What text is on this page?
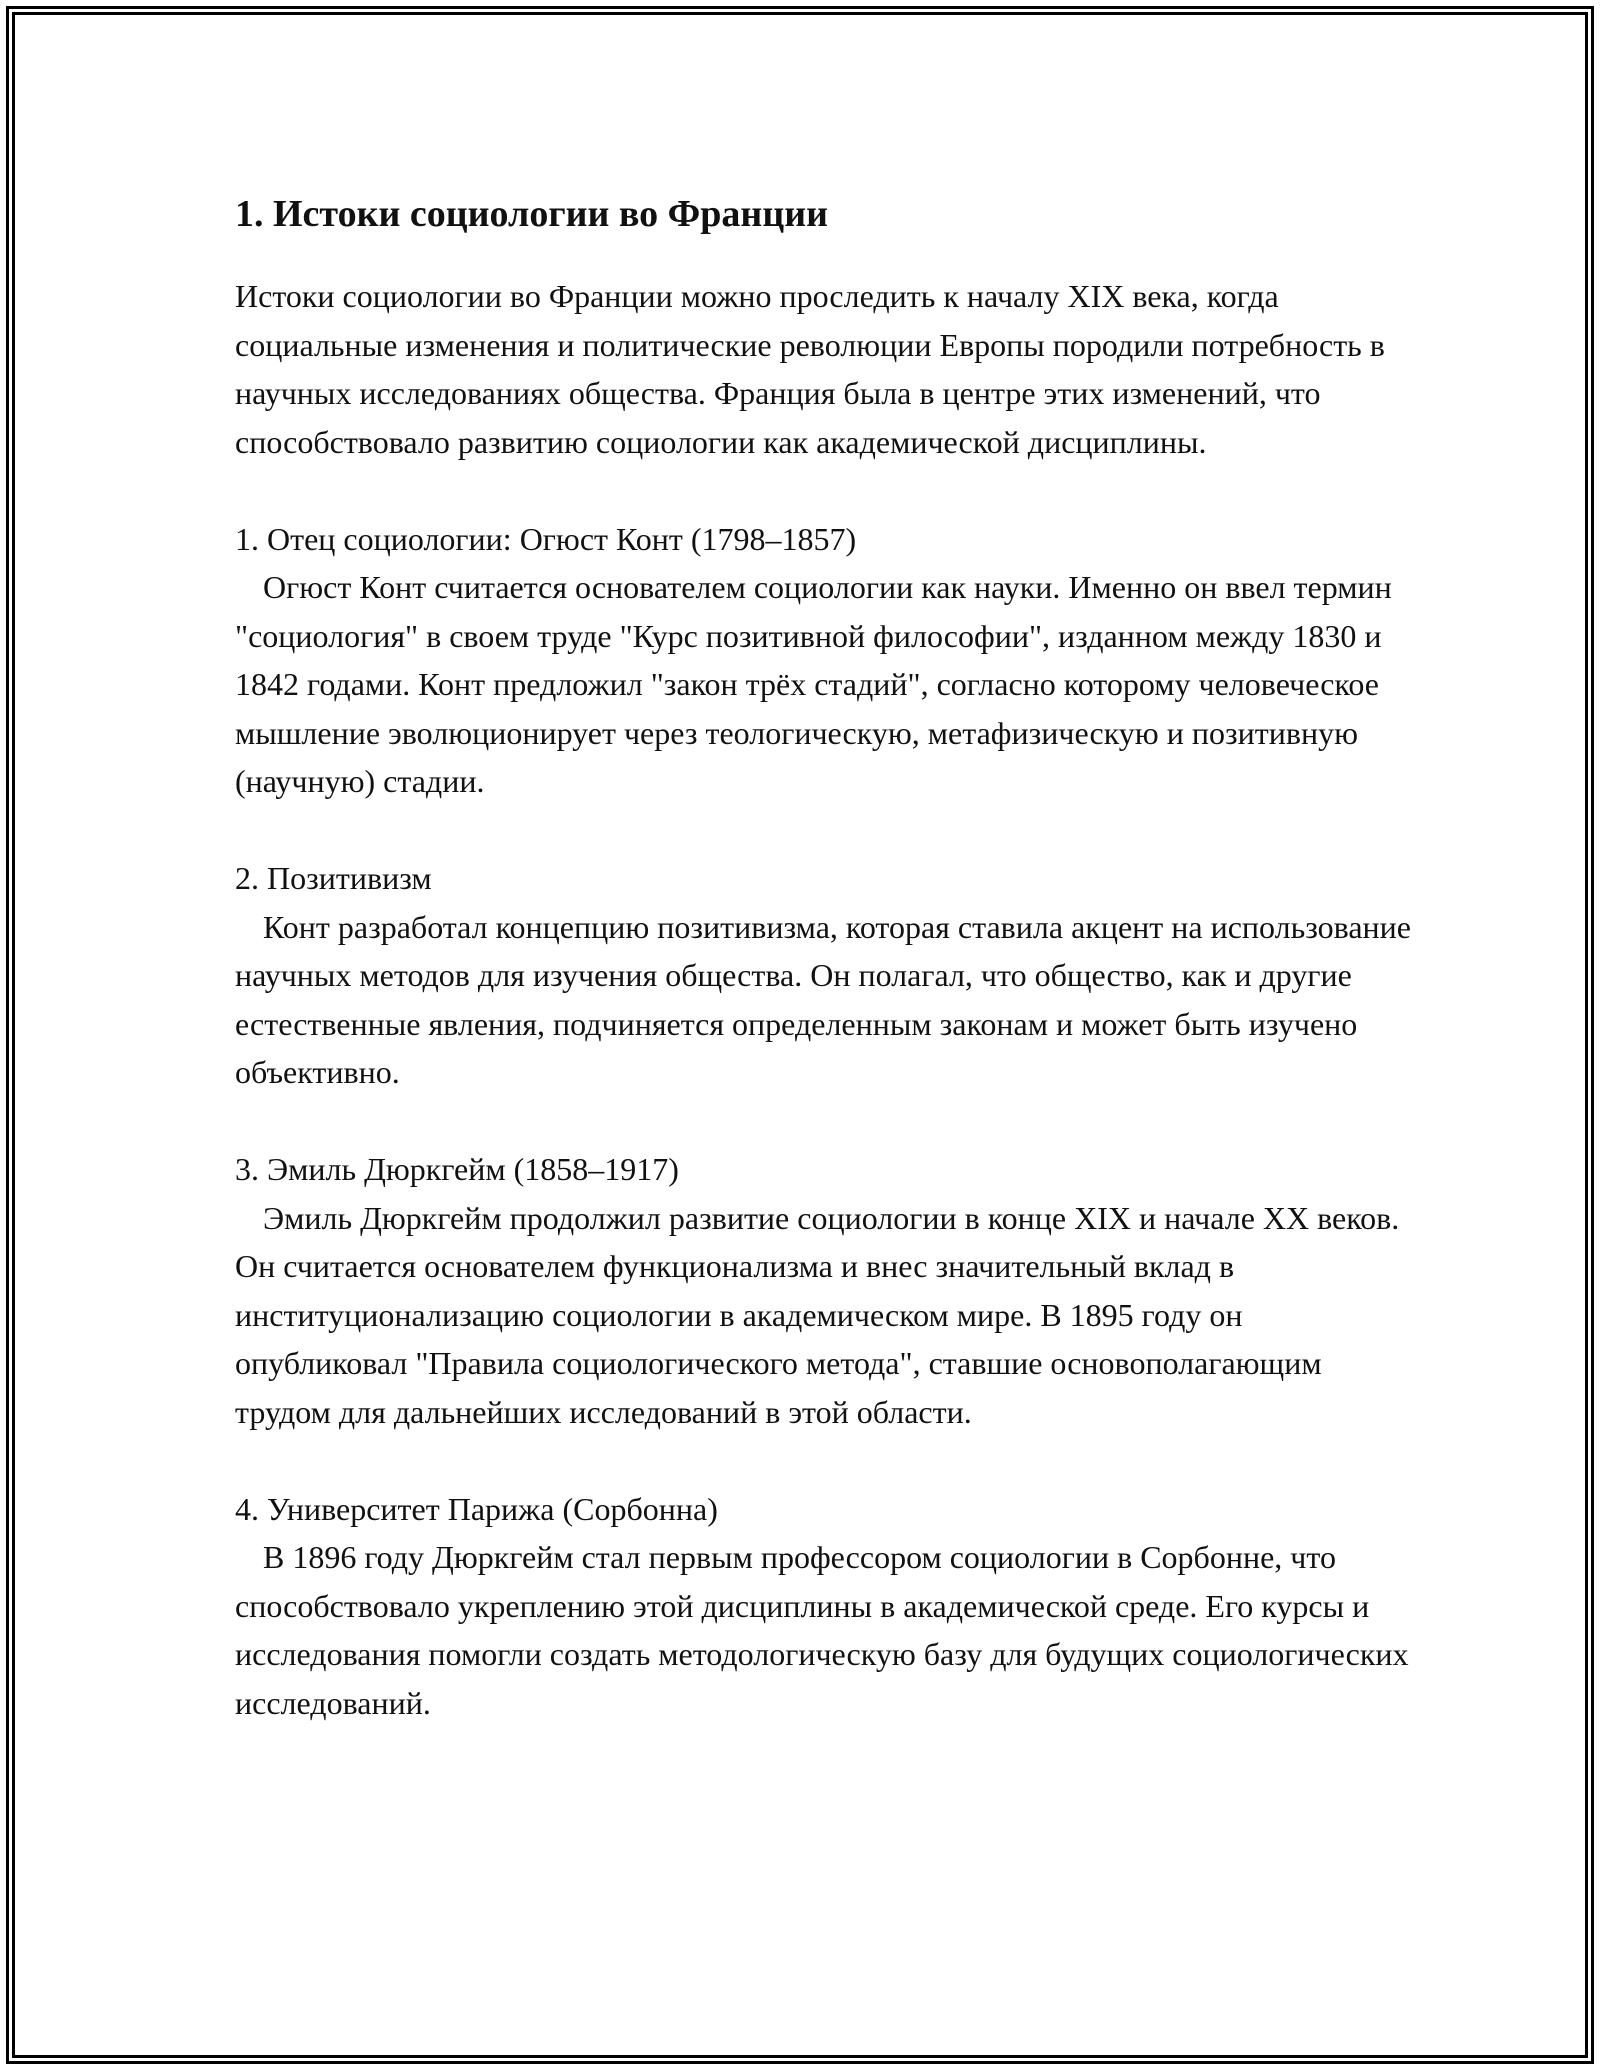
1. Истоки социологии во Франции

Истоки социологии во Франции можно проследить к началу XIX века, когда социальные изменения и политические революции Европы породили потребность в научных исследованиях общества. Франция была в центре этих изменений, что способствовало развитию социологии как академической дисциплины.

1. Отец социологии: Огюст Конт (1798–1857)

Огюст Конт считается основателем социологии как науки. Именно он ввел термин "социология" в своем труде "Курс позитивной философии", изданном между 1830 и 1842 годами. Конт предложил "закон трёх стадий", согласно которому человеческое мышление эволюционирует через теологическую, метафизическую и позитивную (научную) стадии.

2. Позитивизм

Конт разработал концепцию позитивизма, которая ставила акцент на использование научных методов для изучения общества. Он полагал, что общество, как и другие естественные явления, подчиняется определенным законам и может быть изучено объективно.

3. Эмиль Дюркгейм (1858–1917)

Эмиль Дюркгейм продолжил развитие социологии в конце XIX и начале XX веков. Он считается основателем функционализма и внес значительный вклад в институционализацию социологии в академическом мире. В 1895 году он опубликовал "Правила социологического метода", ставшие основополагающим трудом для дальнейших исследований в этой области.

4. Университет Парижа (Сорбонна)

В 1896 году Дюркгейм стал первым профессором социологии в Сорбонне, что способствовало укреплению этой дисциплины в академической среде. Его курсы и исследования помогли создать методологическую базу для будущих социологических исследований.
